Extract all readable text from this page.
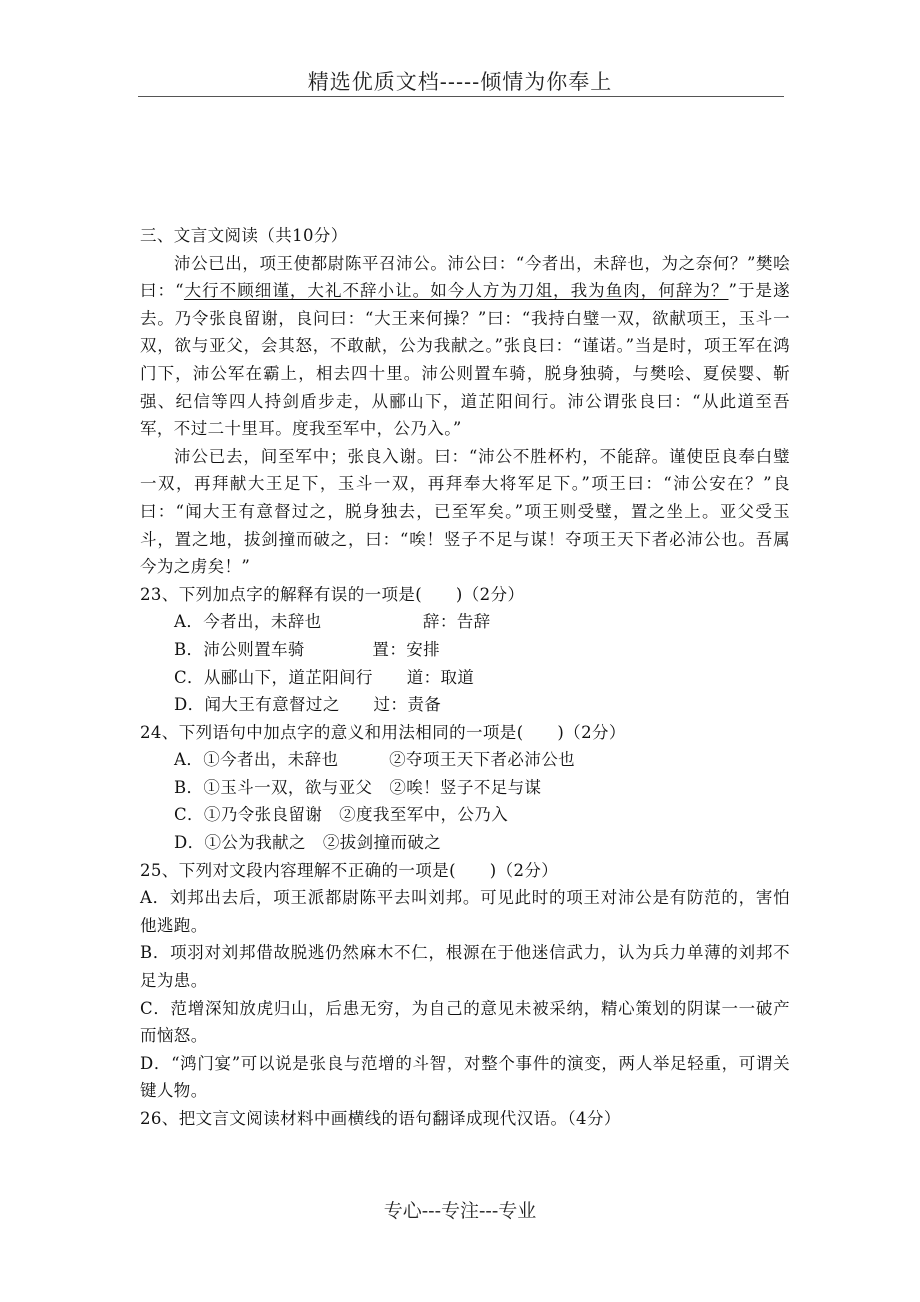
精选优质文档-----倾情为你奉上

三、文言文阅读（共10分）

沛公已出，项王使都尉陈平召沛公。沛公曰：“今者出，未辞也，为之奈何？”樊哙曰：“大行不顾细谨，大礼不辞小让。如今人方为刀俎，我为鱼肉，何辞为？”于是遂去。乃令张良留谢，良问曰：“大王来何操？”曰：“我持白璧一双，欲献项王，玉斗一双，欲与亚父，会其怒，不敢献，公为我献之。”张良曰：“谨诺。”当是时，项王军在鸿门下，沛公军在霸上，相去四十里。沛公则置车骑，脱身独骑，与樊哙、夏侯婴、靳强、纪信等四人持剑盾步走，从郦山下，道芷阳间行。沛公谓张良曰：“从此道至吾军，不过二十里耳。度我至军中，公乃入。”

沛公已去，间至军中；张良入谢。曰：“沛公不胜杯杓，不能辞。谨使臣良奉白璧一双，再拜献大王足下，玉斗一双，再拜奉大将军足下。”项王曰：“沛公安在？”良曰：“闻大王有意督过之，脱身独去，已至军矣。”项王则受璧，置之坐上。亚父受玉斗，置之地，拔剑撞而破之，曰：“唉！竖子不足与谋！夺项王天下者必沛公也。吾属今为之虏矣！”

23、下列加点字的解释有误的一项是(　　)（2分）

A．今者出，未辞也　　　　　　辞：告辞

B．沛公则置车骑　　　　置：安排

C．从郦山下，道芷阳间行　　道：取道

D．闻大王有意督过之　　过：责备

24、下列语句中加点字的意义和用法相同的一项是(　　)（2分）

A．①今者出，未辞也　　　②夺项王天下者必沛公也

B．①玉斗一双，欲与亚父　②唉！竖子不足与谋

C．①乃令张良留谢　②度我至军中，公乃入

D．①公为我献之　②拔剑撞而破之

25、下列对文段内容理解不正确的一项是(　　)（2分）

A．刘邦出去后，项王派都尉陈平去叫刘邦。可见此时的项王对沛公是有防范的，害怕他逃跑。

B．项羽对刘邦借故脱逃仍然麻木不仁，根源在于他迷信武力，认为兵力单薄的刘邦不足为患。

C．范增深知放虎归山，后患无穷，为自己的意见未被采纳，精心策划的阴谋一一破产而恼怒。

D．“鸿门宴”可以说是张良与范增的斗智，对整个事件的演变，两人举足轻重，可谓关键人物。

26、把文言文阅读材料中画横线的语句翻译成现代汉语。（4分）

专心---专注---专业
